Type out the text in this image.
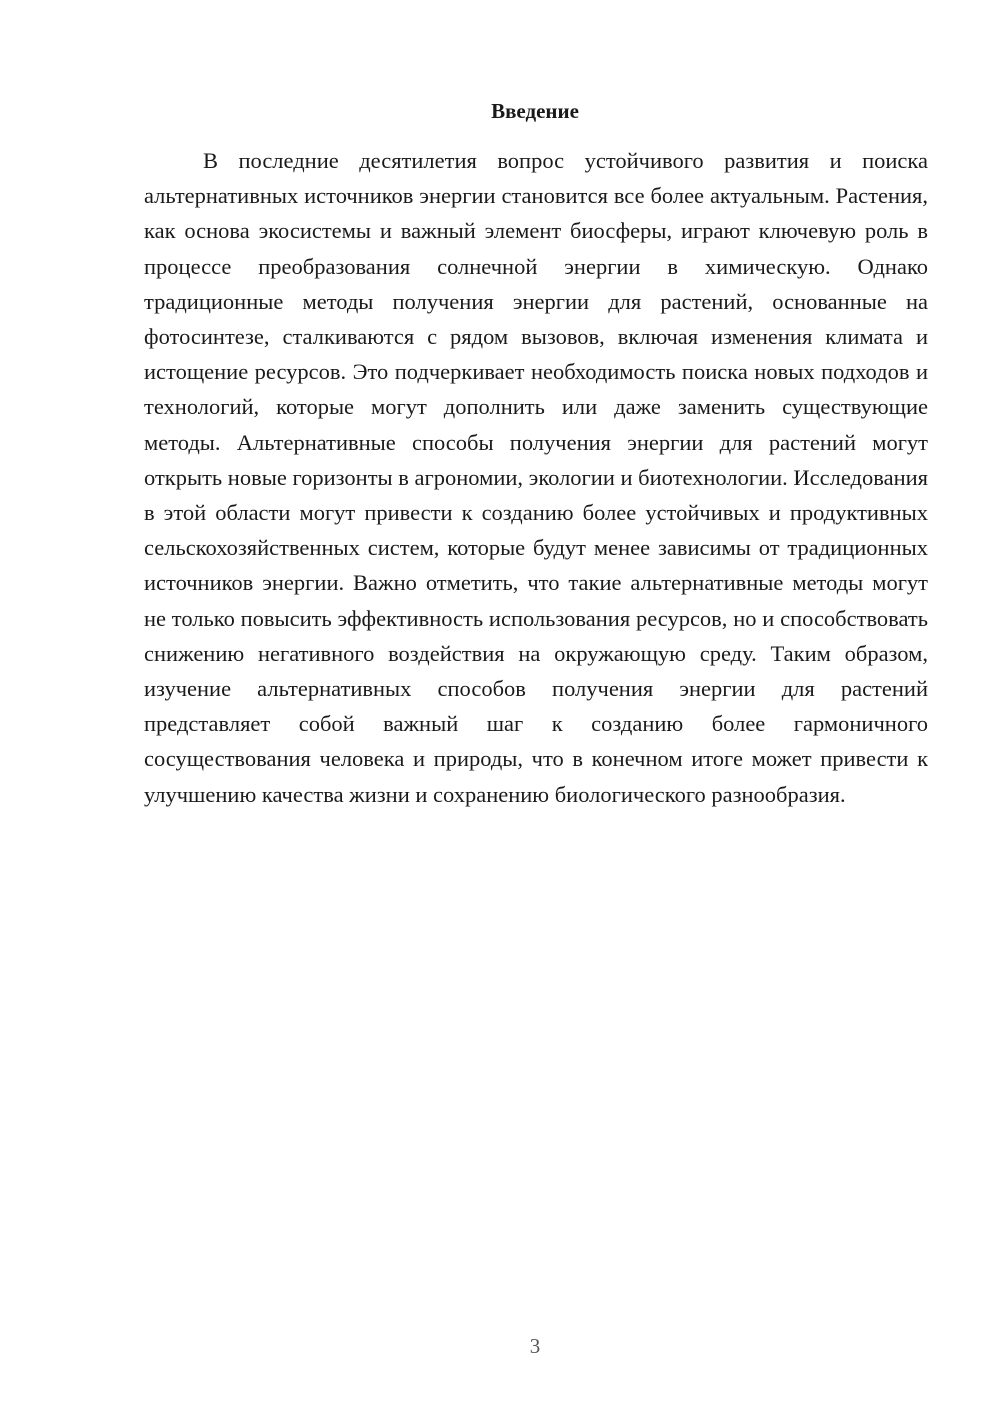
Введение

В последние десятилетия вопрос устойчивого развития и поиска альтернативных источников энергии становится все более актуальным. Растения, как основа экосистемы и важный элемент биосферы, играют ключевую роль в процессе преобразования солнечной энергии в химическую. Однако традиционные методы получения энергии для растений, основанные на фотосинтезе, сталкиваются с рядом вызовов, включая изменения климата и истощение ресурсов. Это подчеркивает необходимость поиска новых подходов и технологий, которые могут дополнить или даже заменить существующие методы. Альтернативные способы получения энергии для растений могут открыть новые горизонты в агрономии, экологии и биотехнологии. Исследования в этой области могут привести к созданию более устойчивых и продуктивных сельскохозяйственных систем, которые будут менее зависимы от традиционных источников энергии. Важно отметить, что такие альтернативные методы могут не только повысить эффективность использования ресурсов, но и способствовать снижению негативного воздействия на окружающую среду. Таким образом, изучение альтернативных способов получения энергии для растений представляет собой важный шаг к созданию более гармоничного сосуществования человека и природы, что в конечном итоге может привести к улучшению качества жизни и сохранению биологического разнообразия.

3
